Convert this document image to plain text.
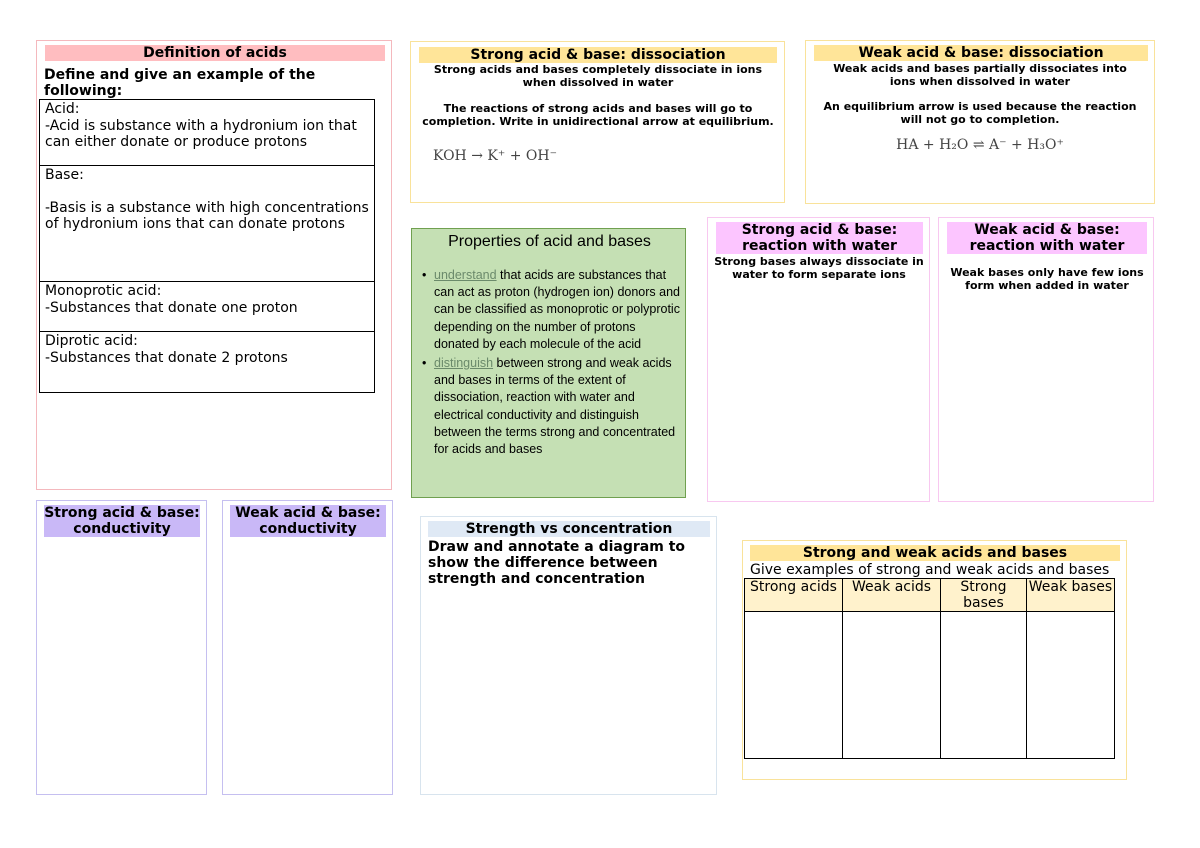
Definition of acids
Define and give an example of the following:
Acid:
-Acid is substance with a hydronium ion that can either donate or produce protons
Base:
-Basis is a substance with high concentrations of hydronium ions that can donate protons
Monoprotic acid:
-Substances that donate one proton
Diprotic acid:
-Substances that donate 2 protons
Strong acid & base: dissociation
Strong acids and bases completely dissociate in ions when dissolved in water
The reactions of strong acids and bases will go to completion. Write in unidirectional arrow at equilibrium.
KOH → K⁺ + OH⁻
Weak acid & base: dissociation
Weak acids and bases partially dissociates into ions when dissolved in water
An equilibrium arrow is used because the reaction will not go to completion.
HA + H₂O ⇌ A⁻ + H₃O⁺
Properties of acid and bases
• understand that acids are substances that can act as proton (hydrogen ion) donors and can be classified as monoprotic or polyprotic depending on the number of protons donated by each molecule of the acid
• distinguish between strong and weak acids and bases in terms of the extent of dissociation, reaction with water and electrical conductivity and distinguish between the terms strong and concentrated for acids and bases
Strong acid & base: reaction with water
Strong bases always dissociate in water to form separate ions
Weak acid & base: reaction with water
Weak bases only have few ions form when added in water
Strong acid & base: conductivity
Weak acid & base: conductivity	Strength vs concentration
Draw and annotate a diagram to show the difference between strength and concentration
Strong and weak acids and bases
Give examples of strong and weak acids and bases
Strong acids	Weak acids	Strong bases	Weak bases
